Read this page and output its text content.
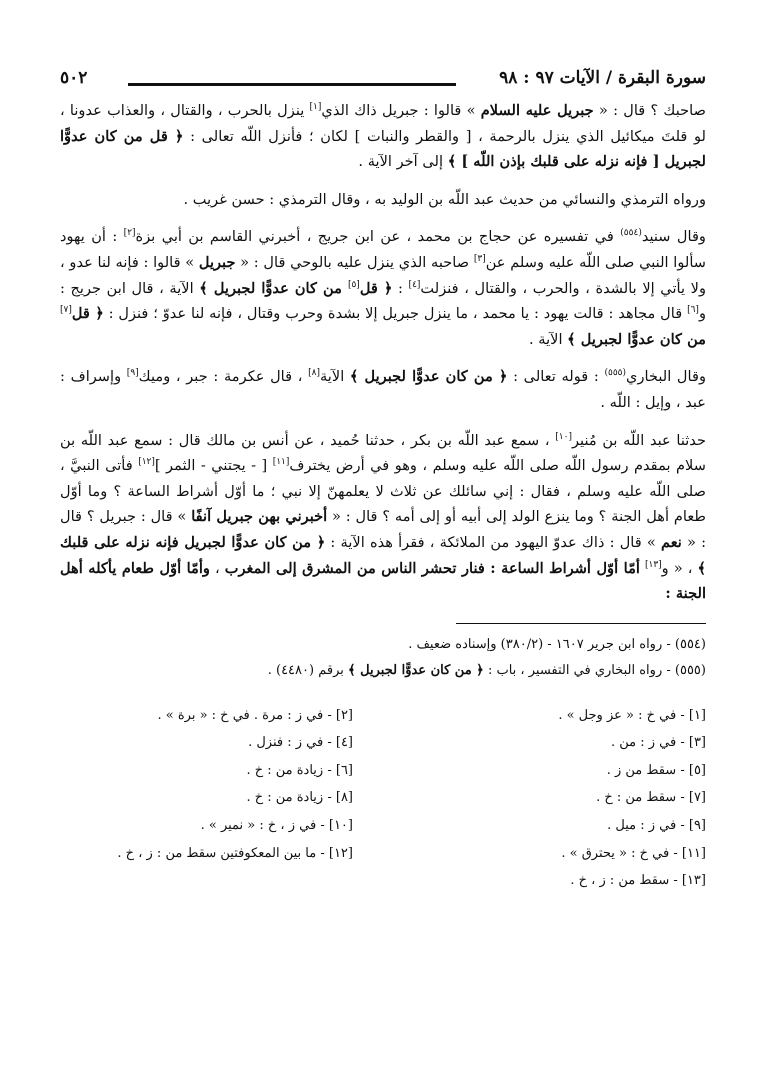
سورة البقرة / الآيات ٩٧ : ٩٨
٥٠٢

صاحبك ؟ قال : « جبريل عليه السلام » قالوا : جبريل ذاك الذي[١] ينزل بالحرب ، والقتال ، والعذاب عدونا ، لو قلتَ ميكائيل الذي ينزل بالرحمة ، [ والقطر والنبات ] لكان ؛ فأنزل اللّه تعالى : ﴿ قل من كان عدوًّا لجبريل [ فإنه نزله على قلبك بإذن اللّه ] ﴾ إلى آخر الآية .

ورواه الترمذي والنسائي من حديث عبد اللّه بن الوليد به ، وقال الترمذي : حسن غريب .

وقال سنيد$^{(٥٥٤)}$ في تفسيره عن حجاج بن محمد ، عن ابن جريج ، أخبرني القاسم بن أبي بزة[٢] : أن يهود سألوا النبي صلى اللّه عليه وسلم عن[٣] صاحبه الذي ينزل عليه بالوحي قال : « جبريل » قالوا : فإنه لنا عدو ، ولا يأتي إلا بالشدة ، والحرب ، والقتال ، فنزلت[٤] : ﴿ قل[٥] من كان عدوًّا لجبريل ﴾ الآية ، قال ابن جريج : و[٦] قال مجاهد : قالت يهود : يا محمد ، ما ينزل جبريل إلا بشدة وحرب وقتال ، فإنه لنا عدوّ ؛ فنزل : ﴿ قل[٧] من كان عدوًّا لجبريل ﴾ الآية .

وقال البخاري$^{(٥٥٥)}$ : قوله تعالى : ﴿ من كان عدوًّا لجبريل ﴾ الآية[٨] ، قال عكرمة : جبر ، وميك[٩] وإسراف : عبد ، وإيل : اللّه .

حدثنا عبد اللّه بن مُنير[١٠] ، سمع عبد اللّه بن بكر ، حدثنا حُميد ، عن أنس بن مالك قال : سمع عبد اللّه بن سلام بمقدم رسول اللّه صلى اللّه عليه وسلم ، وهو في أرض يخترف[١١] [ - يجتني - الثمر ][١٢] فأتى النبيَّ ، صلى اللّه عليه وسلم ، فقال : إني سائلك عن ثلاث لا يعلمهنّ إلا نبي ؛ ما أوّل أشراط الساعة ؟ وما أوّل طعام أهل الجنة ؟ وما ينزع الولد إلى أبيه أو إلى أمه ؟ قال : « أخبرني بهن جبريل آنفًا » قال : جبريل ؟ قال : « نعم » قال : ذاك عدوّ اليهود من الملائكة ، فقرأ هذه الآية : ﴿ من كان عدوًّا لجبريل فإنه نزله على قلبك ﴾ ، « و[١٣] أمّا أوّل أشراط الساعة : فنار تحشر الناس من المشرق إلى المغرب ، وأمّا أوّل طعام يأكله أهل الجنة :

(٥٥٤) - رواه ابن جرير ١٦٠٧ - (٣٨٠/٢) وإسناده ضعيف .
(٥٥٥) - رواه البخاري في التفسير ، باب : ﴿ من كان عدوًّا لجبريل ﴾ برقم (٤٤٨٠) .
[١] - في خ : « عز وجل » .
[٢] - في ز : مرة . في خ : « برة » .
[٣] - في ز : من .
[٤] - في ز : فنزل .
[٥] - سقط من ز .
[٦] - زيادة من : خ .
[٧] - سقط من : خ .
[٨] - زيادة من : خ .
[٩] - في ز : ميل .
[١٠] - في ز ، خ : « نمير » .
[١١] - في خ : « يحترق » .
[١٢] - ما بين المعكوفتين سقط من : ز ، خ .
[١٣] - سقط من : ز ، خ .
